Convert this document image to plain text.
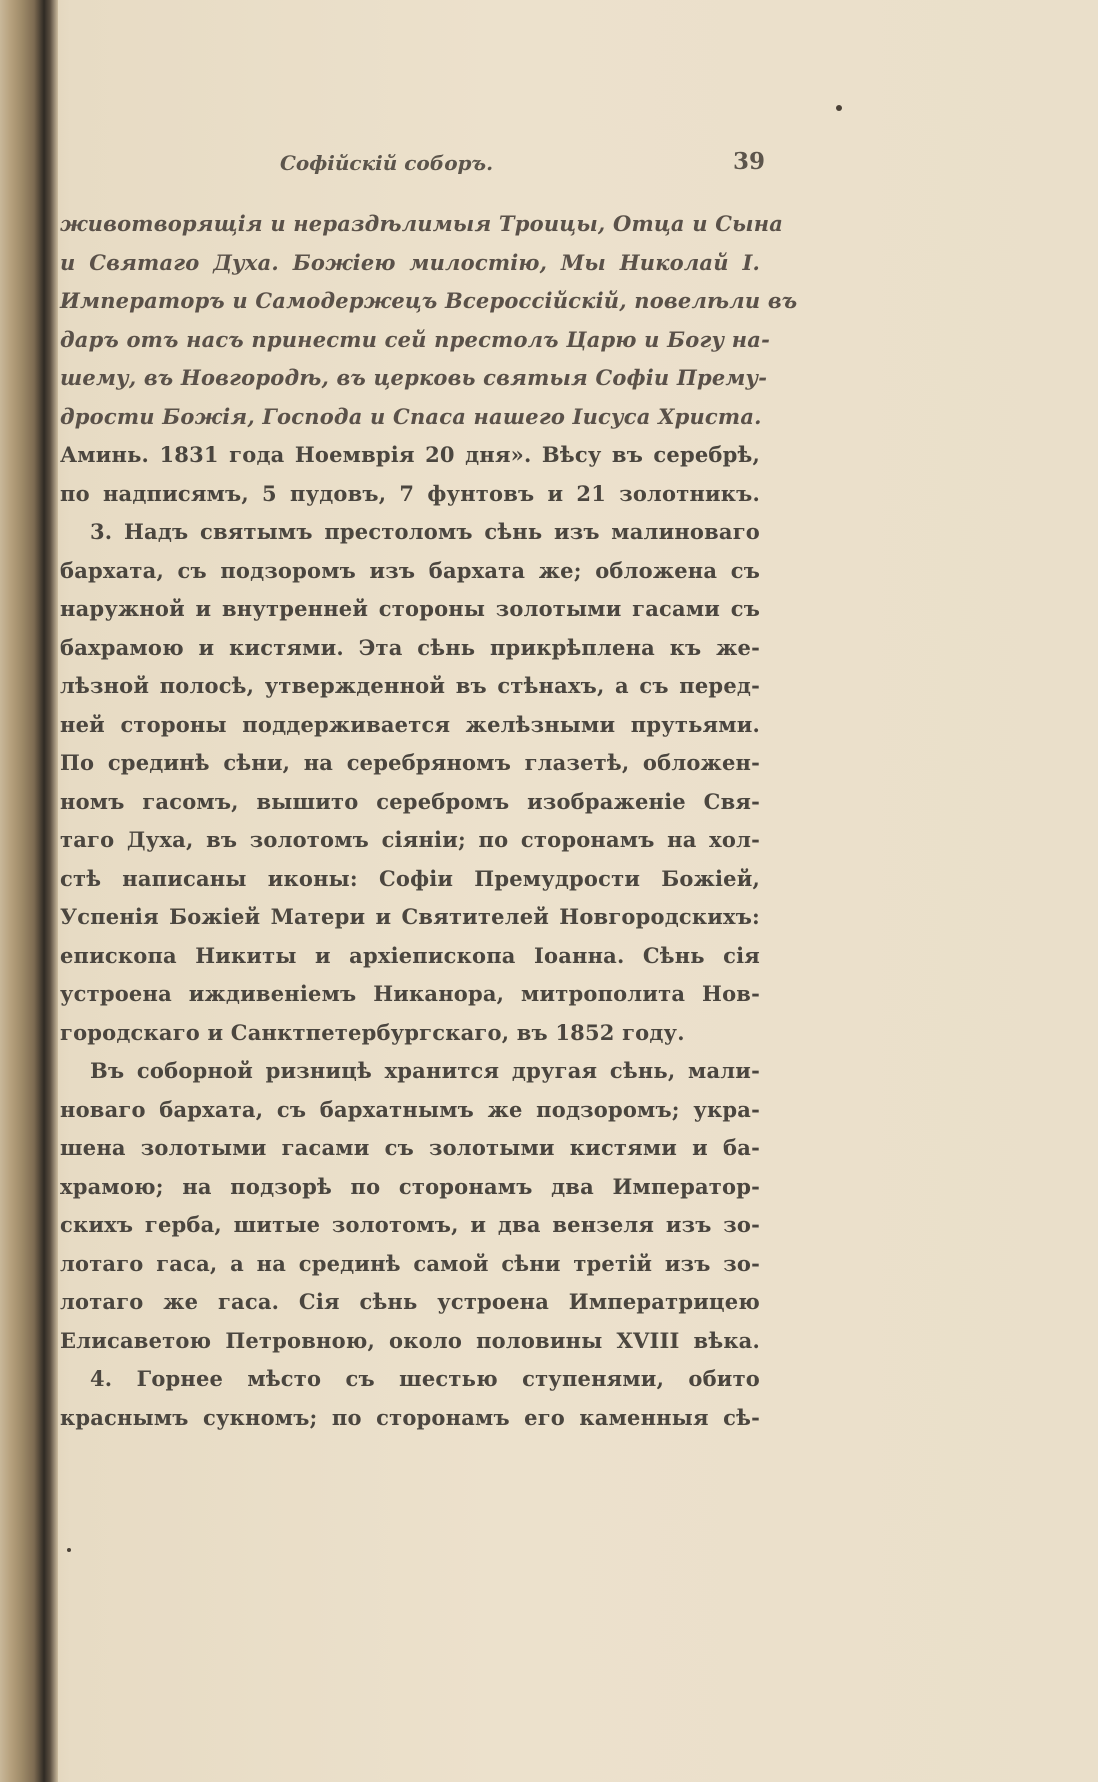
Софійскій соборъ.	39
животворящія и нераздѣлимыя Троицы, Отца и Сына
и Святаго Духа. Божіею милостію, Мы Николай І.
Императоръ и Самодержецъ Всероссійскій, повелѣли въ
даръ отъ насъ принести сей престолъ Царю и Богу на-
шему, въ Новгородѣ, въ церковь святыя Софіи Прему-
дрости Божія, Господа и Спаса нашего Іисуса Христа.
Аминь. 1831 года Ноемврія 20 дня». Вѣсу въ серебрѣ,
по надписямъ, 5 пудовъ, 7 фунтовъ и 21 золотникъ.
3. Надъ святымъ престоломъ сѣнь изъ малиноваго
бархата, съ подзоромъ изъ бархата же; обложена съ
наружной и внутренней стороны золотыми гасами съ
бахрамою и кистями. Эта сѣнь прикрѣплена къ же-
лѣзной полосѣ, утвержденной въ стѣнахъ, а съ перед-
ней стороны поддерживается желѣзными прутьями.
По срединѣ сѣни, на серебряномъ глазетѣ, обложен-
номъ гасомъ, вышито серебромъ изображеніе Свя-
таго Духа, въ золотомъ сіяніи; по сторонамъ на хол-
стѣ написаны иконы: Софіи Премудрости Божіей,
Успенія Божіей Матери и Святителей Новгородскихъ:
епископа Никиты и архіепископа Іоанна. Сѣнь сія
устроена иждивеніемъ Никанора, митрополита Нов-
городскаго и Санктпетербургскаго, въ 1852 году.
Въ соборной ризницѣ хранится другая сѣнь, мали-
новаго бархата, съ бархатнымъ же подзоромъ; укра-
шена золотыми гасами съ золотыми кистями и ба-
храмою; на подзорѣ по сторонамъ два Император-
скихъ герба, шитые золотомъ, и два вензеля изъ зо-
лотаго гаса, а на срединѣ самой сѣни третій изъ зо-
лотаго же гаса. Сія сѣнь устроена Императрицею
Елисаветою Петровною, около половины XVIII вѣка.
4. Горнее мѣсто съ шестью ступенями, обито
краснымъ сукномъ; по сторонамъ его каменныя сѣ-
